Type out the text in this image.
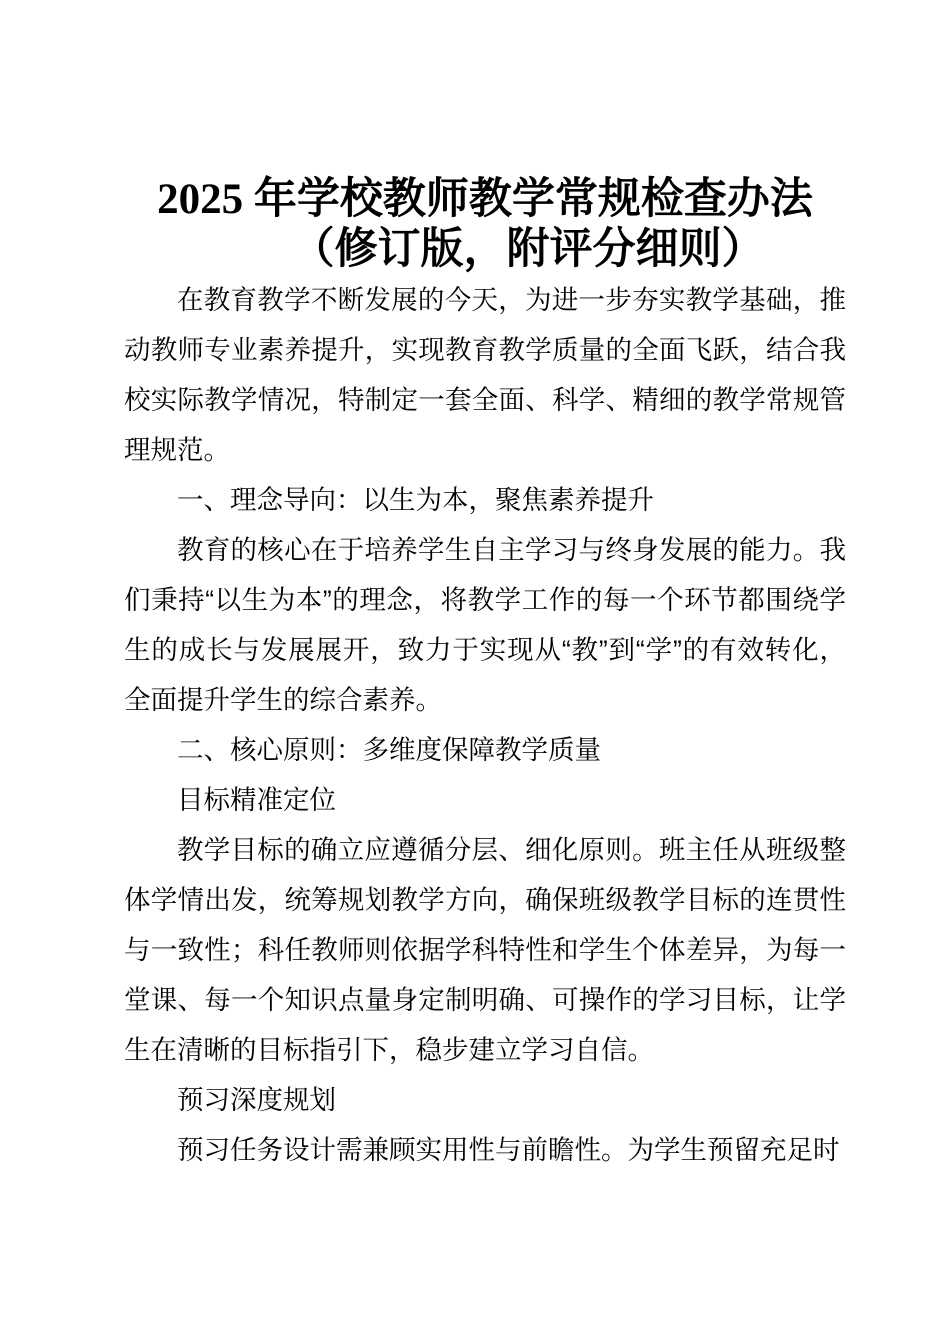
2025 年学校教师教学常规检查办法
（修订版，附评分细则）

在教育教学不断发展的今天，为进一步夯实教学基础，推动教师专业素养提升，实现教育教学质量的全面飞跃，结合我校实际教学情况，特制定一套全面、科学、精细的教学常规管理规范。

一、理念导向：以生为本，聚焦素养提升

教育的核心在于培养学生自主学习与终身发展的能力。我们秉持“以生为本”的理念，将教学工作的每一个环节都围绕学生的成长与发展展开，致力于实现从“教”到“学”的有效转化，全面提升学生的综合素养。

二、核心原则：多维度保障教学质量

目标精准定位

教学目标的确立应遵循分层、细化原则。班主任从班级整体学情出发，统筹规划教学方向，确保班级教学目标的连贯性与一致性；科任教师则依据学科特性和学生个体差异，为每一堂课、每一个知识点量身定制明确、可操作的学习目标，让学生在清晰的目标指引下，稳步建立学习自信。

预习深度规划

预习任务设计需兼顾实用性与前瞻性。为学生预留充足时
